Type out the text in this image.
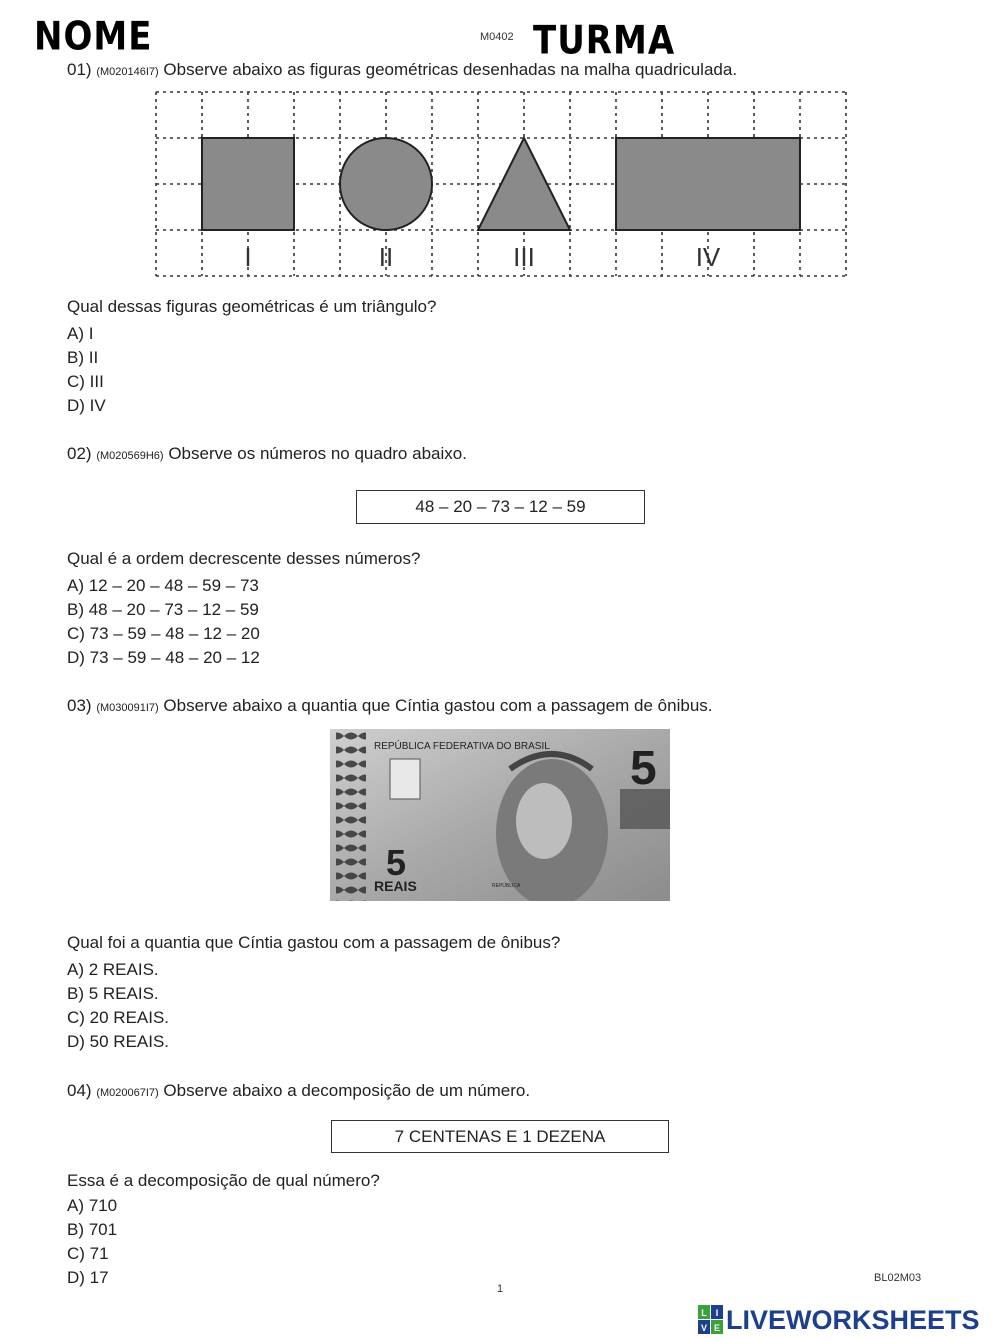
NOME	M0402 TURMA
01) (M020146I7) Observe abaixo as figuras geométricas desenhadas na malha quadriculada.
I	II	III	IV
Qual dessas figuras geométricas é um triângulo?
A) I
B) II
C) III
D) IV
02) (M020569H6) Observe os números no quadro abaixo.
48 – 20 – 73 – 12 – 59
Qual é a ordem decrescente desses números?
A) 12 – 20 – 48 – 59 – 73
B) 48 – 20 – 73 – 12 – 59
C) 73 – 59 – 48 – 12 – 20
D) 73 – 59 – 48 – 20 – 12
03) (M030091I7) Observe abaixo a quantia que Cíntia gastou com a passagem de ônibus.
REPÚBLICA FEDERATIVA DO BRASIL 5
5
REAIS	REPÚBLICA
Qual foi a quantia que Cíntia gastou com a passagem de ônibus?
A) 2 REAIS.
B) 5 REAIS.
C) 20 REAIS.
D) 50 REAIS.
04) (M020067I7) Observe abaixo a decomposição de um número.
7 CENTENAS E 1 DEZENA
Essa é a decomposição de qual número?
A) 710
B) 701
C) 71
D) 17
1
BL02M03
L I
V E LIVEWORKSHEETS
